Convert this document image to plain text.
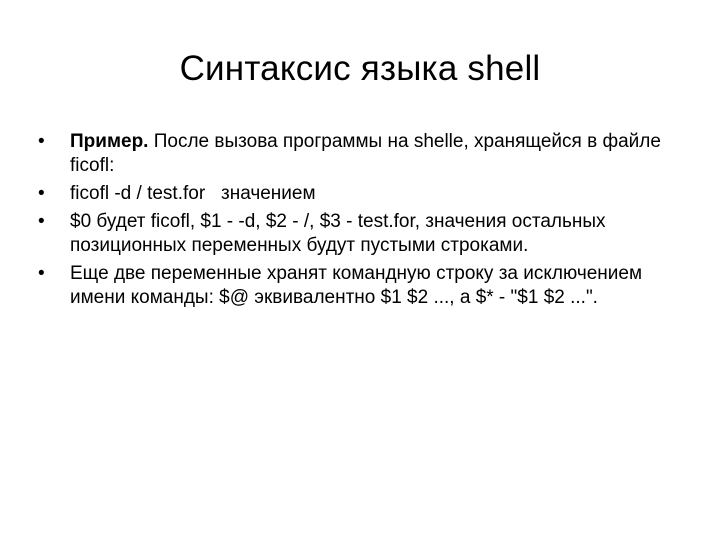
Синтаксис языка shell
•	Пример. После вызова программы на shelle, хранящейся в файле ficofl:
•	ficofl -d / test.for   значением
•	$0 будет ficofl, $1 - -d, $2 - /, $3 - test.for, значения остальных позиционных переменных будут пустыми строками.
•	Еще две переменные хранят командную строку за исключением имени команды: $@ эквивалентно $1 $2 ..., а $* - "$1 $2 ...".
